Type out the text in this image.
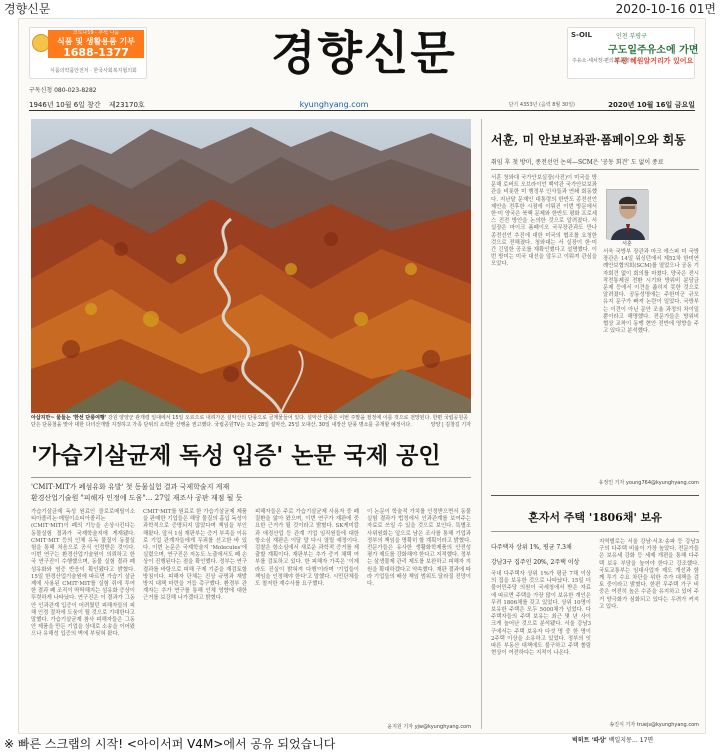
경향신문	2020-10-16 01면
코로나19 · 추석 나눔
식품 및 생활용품 기부
1688-1377
식품의약품안전처 · 한국사회복지협의회	경향신문	S-OIL	인천 부평구
구도일주유소에 가면
부평 혜원알거리가 있어요
주유소·세차장·편의점 운영
구독신청 080-023-8282
1946년 10월 6일 창간 제23170호	kyunghyang.com	단기 4353년 (음력 8월 30일)	2020년 10월 16일 금요일
아삽지만~ 물들는 '한선 단풍여행' 강원 양양군 관개령 일대에서 15일 오르으로 내려가온 설악산의 단풍으로 금계물들어 있다. 설악산 단풍은 이번 주말을 절정에 이를 것으로 전망된다. 한편 국립공원공단은 단풍철을 맞아 대한 다녀산개발 지정하고 가족 단위의 소박한 산행을 권고했다. 국립공원TV는 오는 28일 설악산, 25일 오대산, 30일 내장산 단풍 명소를 공개할 예정이다.	양양 | 김창길 기자
'가습기살균제 독성 입증' 논문 국제 공인
'CMIT·MIT가 폐섬유화 유발' 첫 동물실험 결과 국제학술지 게재
환경산업기술원 "피해자 인정에 도움"… 27일 재조사 공판 재점 될 듯
가습기살균제 독성 원료인 클로로메틸이소티아졸리논·메틸이소티아졸리논(CMIT·MIT)이 폐의 기능을 손상시킨다는 동물실험 결과가 국제학술지에 게재됐다. CMIT·MIT 등의 인체 유독 물질이 동물실험을 통해 처음으로 공식 인정받은 것이다. 이번 연구는 환경산업기술원이 의뢰하고 한국 연구진이 수행했으며, 동물 실험 결과 폐 섬유화와 염증 반응이 확인됐다고 밝혔다. 15일 한경산업기술원에 따르면 가습기 살균제에 사용된 CMIT·MIT를 실험 쥐에 투여한 결과 폐 조직이 딱딱해지는 섬유화 증상이 뚜렷하게 나타났다. 연구진은 이 결과가 그동안 인과관계 입증이 어려웠던 피해자들의 피해 인정 절차에 도움이 될 것으로 기대한다고 말했다. 가습기살균제 참사 피해자들은 그동안 제품을 만든 기업을 상대로 소송을 이어왔으나 유해성 입증의 벽에 부딪혀 왔다.
CMIT·MIT를 원료로 한 가습기살균제 제품을 판매한 기업들은 해당 물질의 흡입 독성이 과학적으로 증명되지 않았다며 책임을 부인해왔다. 앞서 1심 재판부는 증거 부족을 이유로 기업 관계자들에게 무죄를 선고한 바 있다. 이번 논문은 국제학술지 'Molecules'에 실렸으며, 연구진은 저농도 노출에서도 폐 손상이 진행된다는 점을 확인했다. 정부는 연구 결과를 바탕으로 피해 구제 기준을 재검토할 방침이다. 피해자 단체는 진상 규명과 재발 방지 대책 마련을 거듭 촉구했다. 환경부 관계자는 추가 연구를 통해 인체 영향에 대한 근거를 보강해 나가겠다고 밝혔다.
피해자들은 주로 가습기살균제 사용자 중 폐 질환을 앓아 왔으며, 이번 연구가 재판에 중요한 근거가 될 것이라고 밝혔다. SK케미칼과 애경산업 등 관계 기업 임직원들에 대한 항소심 재판은 이달 말 다시 열릴 예정이다. 검찰은 항소심에서 새로운 과학적 증거를 제출할 계획이다. 재판부는 추가 증거 채택 여부를 검토하고 있다. 한 피해자 가족은 '이제라도 진실이 밝혀져 다행'이라며 '기업들이 책임을 인정해야 한다'고 말했다. 시민단체들도 철저한 재수사를 요구했다.
이 논문이 학술적 가치를 인정받으면서 동물실험 결과가 법정에서 인과관계를 보여주는 자료로 쓰일 수 있을 것으로 보인다. 특별조사위원회는 앞으로 남은 조사를 통해 기업과 정부의 책임을 명확히 할 계획이라고 밝혔다. 전문가들은 유사한 생활화학제품의 안전성 평가 제도를 강화해야 한다고 지적했다. 정부는 살생물제 관리 제도를 보완하고 피해자 지원을 확대하겠다고 약속했다. 재판 결과에 따라 기업들의 배상 책임 범위도 달라질 전망이다.
윤지원 기자 yjw@kyunghyang.com
서훈, 미 안보보좌관·폼페이오와 회동
취임 후 첫 방미, 종전선언 논의—SCM은 '공동 회견' 도 없이 종료
서훈 청와대 국가안보실장(사진)이 미국을 방문해 로버트 오브라이언 백악관 국가안보보좌관을 비롯한 미 행정부 인사들과 연쇄 회동했다. 지난달 문재인 대통령의 한반도 종전선언 제안을 전후한 시점에 이뤄진 이번 방문에서 한·미 양국은 북핵 문제와 한반도 평화 프로세스 진전 방안을 논의한 것으로 알려졌다. 서 실장은 마이크 폼페이오 국무장관과도 만나 종전선언 추진에 대한 미국의 협조를 요청한 것으로 전해졌다. 청와대는 서 실장이 한·미 간 긴밀한 공조를 재확인했다고 설명했다. 이번 방미는 미국 대선을 앞두고 이뤄져 관심을 모았다.
서훈
서욱 국방부 장관과 마크 에스퍼 미 국방장관은 14일 워싱턴에서 제52차 한미연례안보협의회(SCM)를 열었으나 공동 기자회견 없이 회의를 마쳤다. 양국은 전시작전통제권 전환 시기와 방위비 분담금 문제 등에서 이견을 좁히지 못한 것으로 알려졌다. 공동성명에는 주한미군 규모 유지 문구가 빠져 논란이 일었다. 국방부는 이견이 아닌 문안 조율 과정의 차이일 뿐이라고 해명했다. 전문가들은 방위비 협상 교착이 동맹 현안 전반에 영향을 주고 있다고 분석했다.
유정인 기자 young764@kyunghyang.com
혼자서 주택 '1806채' 보유
다주택자 상위 1%, 평균 7.3채
강남3구 집주인 20%, 2주택 이상
국내 다주택자 상위 1%가 평균 7채 이상의 집을 보유한 것으로 나타났다. 15일 더불어민주당 의원이 국세청에서 받은 자료에 따르면 주택을 가장 많이 보유한 개인은 무려 1806채를 갖고 있었다. 상위 10명이 보유한 주택은 모두 5000채가 넘었다. 다주택자들의 주택 보유는 최근 몇 년 사이 크게 늘어난 것으로 분석됐다. 서울 강남3구에서는 주택 보유자 다섯 명 중 한 명이 2주택 이상을 소유하고 있었다. 정부의 잇따른 부동산 대책에도 불구하고 주택 쏠림 현상이 여전하다는 지적이 나온다.
지역별로는 서울 강남·서초·송파 등 강남3구의 다주택 비율이 가장 높았다. 전문가들은 보유세 강화 등 세제 개편을 통해 다주택 보유 부담을 높여야 한다고 강조했다. 국토교통부는 임대사업자 제도 개선과 함께 투기 수요 차단을 위한 추가 대책을 검토 중이라고 밝혔다. 한편 무주택 가구 비중은 여전히 높은 수준을 유지하고 있어 주거 양극화가 심화되고 있다는 우려가 커지고 있다.
송진식 기자 truejs@kyunghyang.com
빅히트 '따상' 백일지몽… 17면
※ 빠른 스크랩의 시작! <아이서퍼 V4M>에서 공유 되었습니다
